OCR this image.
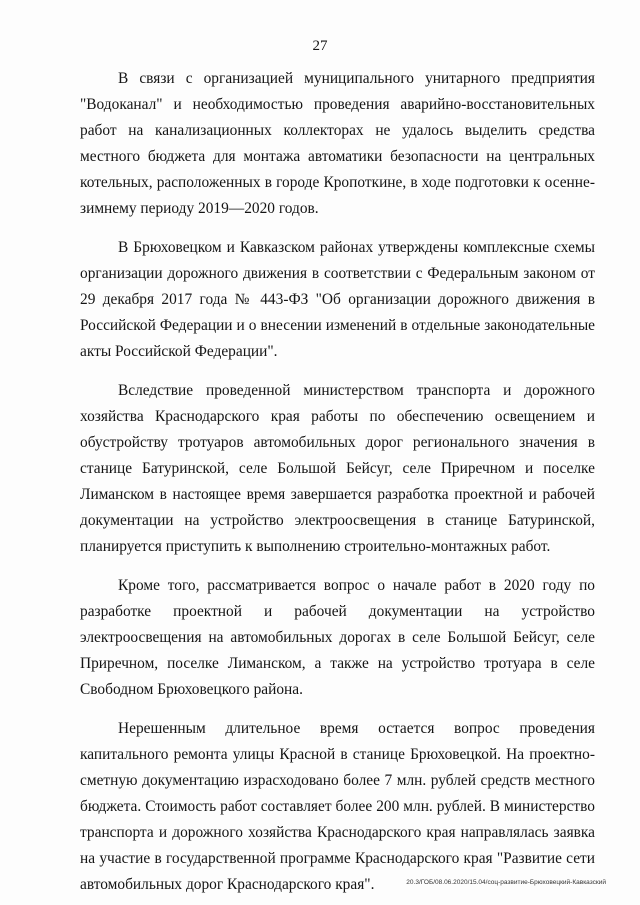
27

В связи с организацией муниципального унитарного предприятия "Водоканал" и необходимостью проведения аварийно-восстановительных работ на канализационных коллекторах не удалось выделить средства местного бюджета для монтажа автоматики безопасности на центральных котельных, расположенных в городе Кропоткине, в ходе подготовки к осенне-зимнему периоду 2019—2020 годов.

В Брюховецком и Кавказском районах утверждены комплексные схемы организации дорожного движения в соответствии с Федеральным законом от 29 декабря 2017 года № 443-ФЗ "Об организации дорожного движения в Российской Федерации и о внесении изменений в отдельные законодательные акты Российской Федерации".

Вследствие проведенной министерством транспорта и дорожного хозяйства Краснодарского края работы по обеспечению освещением и обустройству тротуаров автомобильных дорог регионального значения в станице Батуринской, селе Большой Бейсуг, селе Приречном и поселке Лиманском в настоящее время завершается разработка проектной и рабочей документации на устройство электроосвещения в станице Батуринской, планируется приступить к выполнению строительно-монтажных работ.

Кроме того, рассматривается вопрос о начале работ в 2020 году по разработке проектной и рабочей документации на устройство электроосвещения на автомобильных дорогах в селе Большой Бейсуг, селе Приречном, поселке Лиманском, а также на устройство тротуара в селе Свободном Брюховецкого района.

Нерешенным длительное время остается вопрос проведения капитального ремонта улицы Красной в станице Брюховецкой. На проектно-сметную документацию израсходовано более 7 млн. рублей средств местного бюджета. Стоимость работ составляет более 200 млн. рублей. В министерство транспорта и дорожного хозяйства Краснодарского края направлялась заявка на участие в государственной программе Краснодарского края "Развитие сети автомобильных дорог Краснодарского края".	20.3/ГОБ/08.06.2020/15.04/соц-развитие-Брюховецкий-Кавказский
